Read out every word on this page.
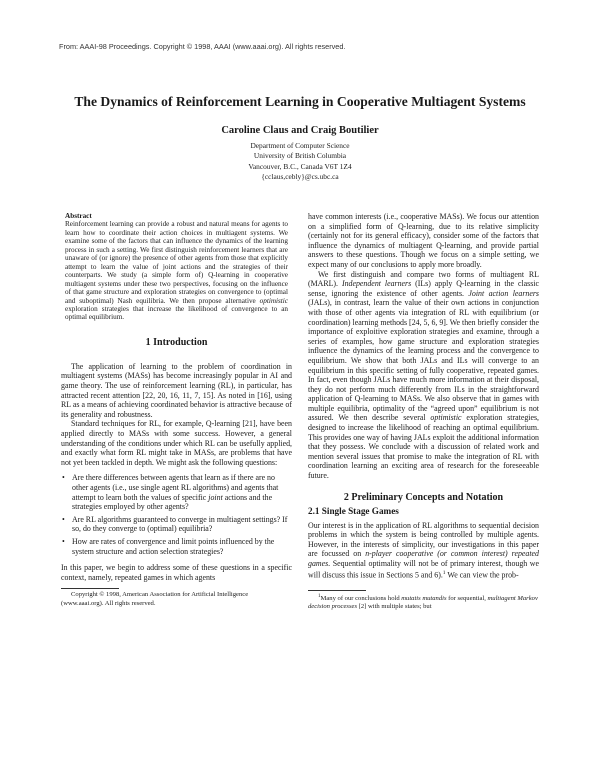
From: AAAI-98 Proceedings. Copyright © 1998, AAAI (www.aaai.org). All rights reserved.
The Dynamics of Reinforcement Learning in Cooperative Multiagent Systems
Caroline Claus and Craig Boutilier
Department of Computer Science
University of British Columbia
Vancouver, B.C., Canada V6T 1Z4
{cclaus,cebly}@cs.ubc.ca

Abstract

Reinforcement learning can provide a robust and natural means for agents to learn how to coordinate their action choices in multiagent systems. We examine some of the factors that can influence the dynamics of the learning process in such a setting. We first distinguish reinforcement learners that are unaware of (or ignore) the presence of other agents from those that explicitly attempt to learn the value of joint actions and the strategies of their counterparts. We study (a simple form of) Q-learning in cooperative multiagent systems under these two perspectives, focusing on the influence of that game structure and exploration strategies on convergence to (optimal and suboptimal) Nash equilibria. We then propose alternative optimistic exploration strategies that increase the likelihood of convergence to an optimal equilibrium.

1 Introduction

The application of learning to the problem of coordination in multiagent systems (MASs) has become increasingly popular in AI and game theory. The use of reinforcement learning (RL), in particular, has attracted recent attention [22, 20, 16, 11, 7, 15]. As noted in [16], using RL as a means of achieving coordinated behavior is attractive because of its generality and robustness.

Standard techniques for RL, for example, Q-learning [21], have been applied directly to MASs with some success. However, a general understanding of the conditions under which RL can be usefully applied, and exactly what form RL might take in MASs, are problems that have not yet been tackled in depth. We might ask the following questions:

• Are there differences between agents that learn as if there are no other agents (i.e., use single agent RL algorithms) and agents that attempt to learn both the values of specific joint actions and the strategies employed by other agents?
• Are RL algorithms guaranteed to converge in multiagent settings? If so, do they converge to (optimal) equilibria?
• How are rates of convergence and limit points influenced by the system structure and action selection strategies?

In this paper, we begin to address some of these questions in a specific context, namely, repeated games in which agents

Copyright © 1998, American Association for Artificial Intelligence (www.aaai.org). All rights reserved.

have common interests (i.e., cooperative MASs). We focus our attention on a simplified form of Q-learning, due to its relative simplicity (certainly not for its general efficacy), consider some of the factors that influence the dynamics of multiagent Q-learning, and provide partial answers to these questions. Though we focus on a simple setting, we expect many of our conclusions to apply more broadly.

We first distinguish and compare two forms of multiagent RL (MARL). Independent learners (ILs) apply Q-learning in the classic sense, ignoring the existence of other agents. Joint action learners (JALs), in contrast, learn the value of their own actions in conjunction with those of other agents via integration of RL with equilibrium (or coordination) learning methods [24, 5, 6, 9]. We then briefly consider the importance of exploitive exploration strategies and examine, through a series of examples, how game structure and exploration strategies influence the dynamics of the learning process and the convergence to equilibrium. We show that both JALs and ILs will converge to an equilibrium in this specific setting of fully cooperative, repeated games. In fact, even though JALs have much more information at their disposal, they do not perform much differently from ILs in the straightforward application of Q-learning to MASs. We also observe that in games with multiple equilibria, optimality of the “agreed upon” equilibrium is not assured. We then describe several optimistic exploration strategies, designed to increase the likelihood of reaching an optimal equilibrium. This provides one way of having JALs exploit the additional information that they possess. We conclude with a discussion of related work and mention several issues that promise to make the integration of RL with coordination learning an exciting area of research for the foreseeable future.

2 Preliminary Concepts and Notation

2.1 Single Stage Games

Our interest is in the application of RL algorithms to sequential decision problems in which the system is being controlled by multiple agents. However, in the interests of simplicity, our investigations in this paper are focussed on n-player cooperative (or common interest) repeated games. Sequential optimality will not be of primary interest, though we will discuss this issue in Sections 5 and 6).$^1$ We can view the prob-

$^1$Many of our conclusions hold mutatis mutandis for sequential, multiagent Markov decision processes [2] with multiple states; but
